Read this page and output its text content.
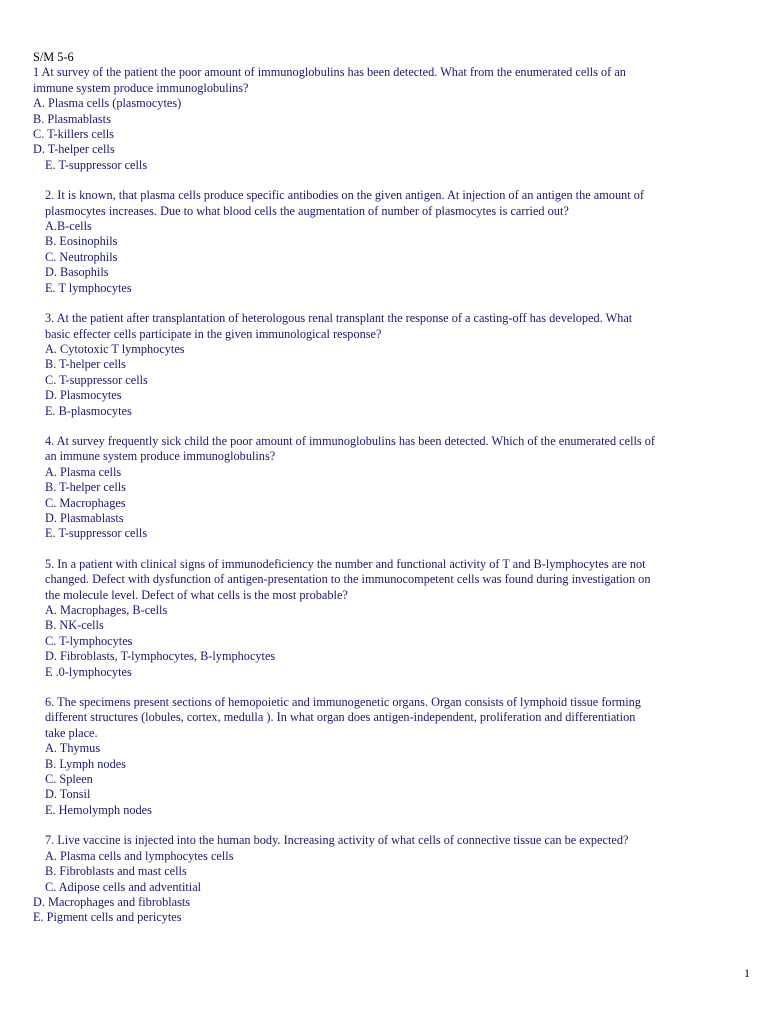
S/M 5-6
1 At survey of the patient the poor amount of immunoglobulins has been detected. What from the enumerated cells of an
immune system produce immunoglobulins?
A. Plasma cells (plasmocytes)
B. Plasmablasts
C. T-killers cells
D. T-helper cells
E. T-suppressor cells
2. It is known, that plasma cells produce specific antibodies on the given antigen. At injection of an antigen the amount of
plasmocytes increases. Due to what blood cells the augmentation of number of plasmocytes is carried out?
A.B-cells
B. Eosinophils
C. Neutrophils
D. Basophils
E. T lymphocytes
3. At the patient after transplantation of heterologous renal transplant the response of a casting-off has developed. What
basic effecter cells participate in the given immunological response?
A. Cytotoxic T lymphocytes
B. T-helper cells
C. T-suppressor cells
D. Plasmocytes
E. B-plasmocytes
4. At survey frequently sick child the poor amount of immunoglobulins has been detected. Which of the enumerated cells of
an immune system produce immunoglobulins?
A. Plasma cells
B. T-helper cells
C. Macrophages
D. Plasmablasts
E. T-suppressor cells
5. In a patient with clinical signs of immunodeficiency the number and functional activity of T and B-lymphocytes are not
changed. Defect with dysfunction of antigen-presentation to the immunocompetent cells was found during investigation on
the molecule level. Defect of what cells is the most probable?
A. Macrophages, B-cells
B. NK-cells
C. T-lymphocytes
D. Fibroblasts, T-lymphocytes, B-lymphocytes
E .0-lymphocytes
6. The specimens present sections of hemopoietic and immunogenetic organs. Organ consists of lymphoid tissue forming
different structures (lobules, cortex, medulla ). In what organ does antigen-independent, proliferation and differentiation
take place.
A. Thymus
B. Lymph nodes
C. Spleen
D. Tonsil
E. Hemolymph nodes
7. Live vaccine is injected into the human body. Increasing activity of what cells of connective tissue can be expected?
A. Plasma cells and lymphocytes cells
B. Fibroblasts and mast cells
C. Adipose cells and adventitial
D. Macrophages and fibroblasts
E. Pigment cells and pericytes
1
